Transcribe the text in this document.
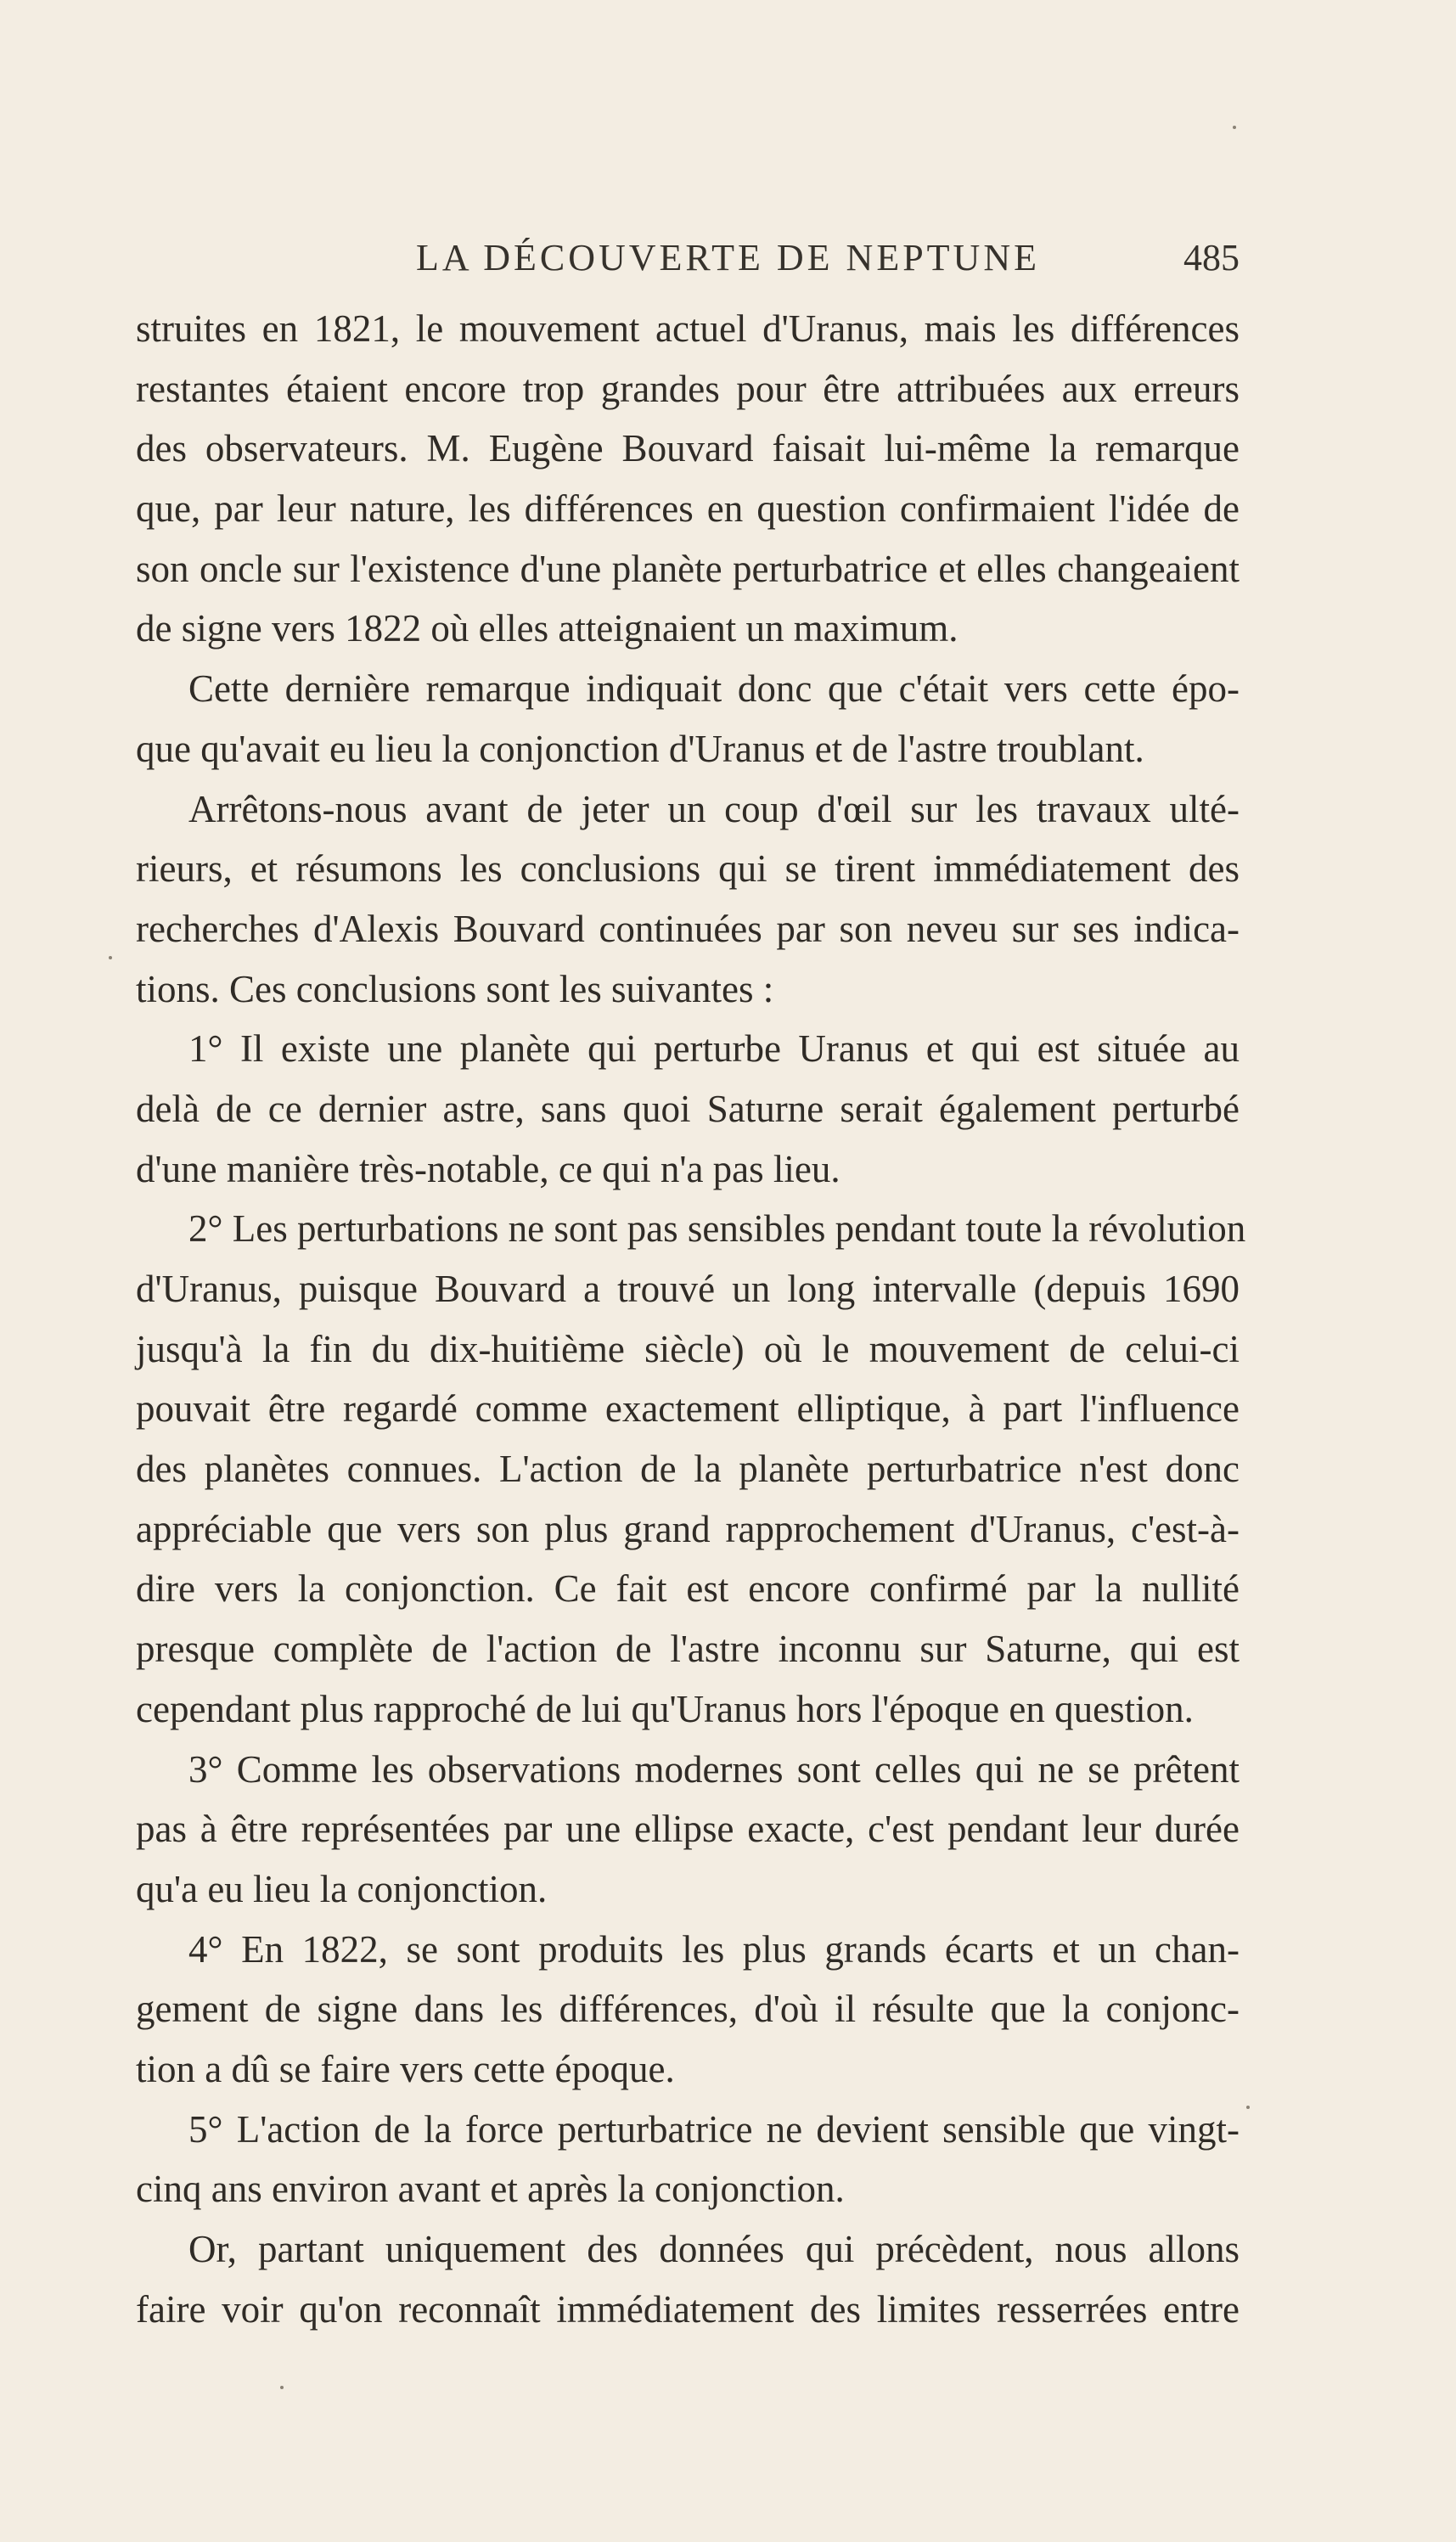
LA DÉCOUVERTE DE NEPTUNE	485
struites en 1821, le mouvement actuel d'Uranus, mais les différences
restantes étaient encore trop grandes pour être attribuées aux erreurs
des observateurs. M. Eugène Bouvard faisait lui-même la remarque
que, par leur nature, les différences en question confirmaient l'idée de
son oncle sur l'existence d'une planète perturbatrice et elles changeaient
de signe vers 1822 où elles atteignaient un maximum.
Cette dernière remarque indiquait donc que c'était vers cette épo-
que qu'avait eu lieu la conjonction d'Uranus et de l'astre troublant.
Arrêtons-nous avant de jeter un coup d'œil sur les travaux ulté-
rieurs, et résumons les conclusions qui se tirent immédiatement des
recherches d'Alexis Bouvard continuées par son neveu sur ses indica-
tions. Ces conclusions sont les suivantes :
1° Il existe une planète qui perturbe Uranus et qui est située au
delà de ce dernier astre, sans quoi Saturne serait également perturbé
d'une manière très-notable, ce qui n'a pas lieu.
2° Les perturbations ne sont pas sensibles pendant toute la révolution
d'Uranus, puisque Bouvard a trouvé un long intervalle (depuis 1690
jusqu'à la fin du dix-huitième siècle) où le mouvement de celui-ci
pouvait être regardé comme exactement elliptique, à part l'influence
des planètes connues. L'action de la planète perturbatrice n'est donc
appréciable que vers son plus grand rapprochement d'Uranus, c'est-à-
dire vers la conjonction. Ce fait est encore confirmé par la nullité
presque complète de l'action de l'astre inconnu sur Saturne, qui est
cependant plus rapproché de lui qu'Uranus hors l'époque en question.
3° Comme les observations modernes sont celles qui ne se prêtent
pas à être représentées par une ellipse exacte, c'est pendant leur durée
qu'a eu lieu la conjonction.
4° En 1822, se sont produits les plus grands écarts et un chan-
gement de signe dans les différences, d'où il résulte que la conjonc-
tion a dû se faire vers cette époque.
5° L'action de la force perturbatrice ne devient sensible que vingt-
cinq ans environ avant et après la conjonction.
Or, partant uniquement des données qui précèdent, nous allons
faire voir qu'on reconnaît immédiatement des limites resserrées entre
